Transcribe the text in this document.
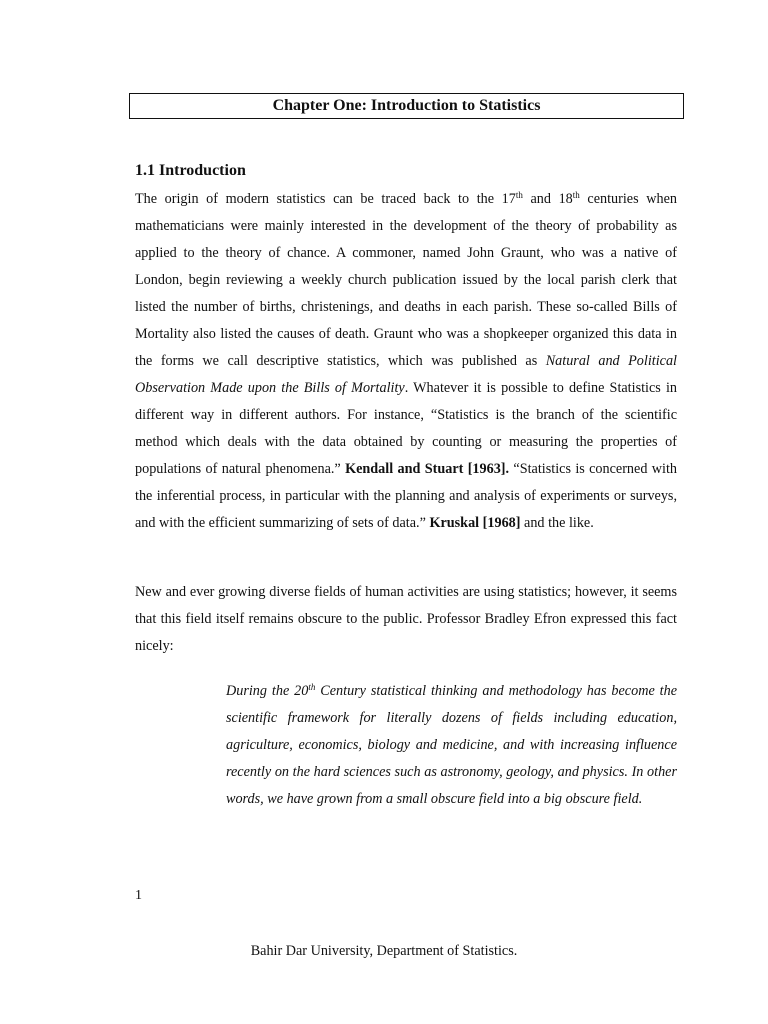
Chapter One: Introduction to Statistics
1.1 Introduction

The origin of modern statistics can be traced back to the 17th and 18th centuries when mathematicians were mainly interested in the development of the theory of probability as applied to the theory of chance. A commoner, named John Graunt, who was a native of London, begin reviewing a weekly church publication issued by the local parish clerk that listed the number of births, christenings, and deaths in each parish. These so-called Bills of Mortality also listed the causes of death. Graunt who was a shopkeeper organized this data in the forms we call descriptive statistics, which was published as Natural and Political Observation Made upon the Bills of Mortality. Whatever it is possible to define Statistics in different way in different authors. For instance, “Statistics is the branch of the scientific method which deals with the data obtained by counting or measuring the properties of populations of natural phenomena.” Kendall and Stuart [1963]. “Statistics is concerned with the inferential process, in particular with the planning and analysis of experiments or surveys, and with the efficient summarizing of sets of data.” Kruskal [1968] and the like.

New and ever growing diverse fields of human activities are using statistics; however, it seems that this field itself remains obscure to the public. Professor Bradley Efron expressed this fact nicely:

During the 20th Century statistical thinking and methodology has become the scientific framework for literally dozens of fields including education, agriculture, economics, biology and medicine, and with increasing influence recently on the hard sciences such as astronomy, geology, and physics. In other words, we have grown from a small obscure field into a big obscure field.

1
Bahir Dar University, Department of Statistics.
